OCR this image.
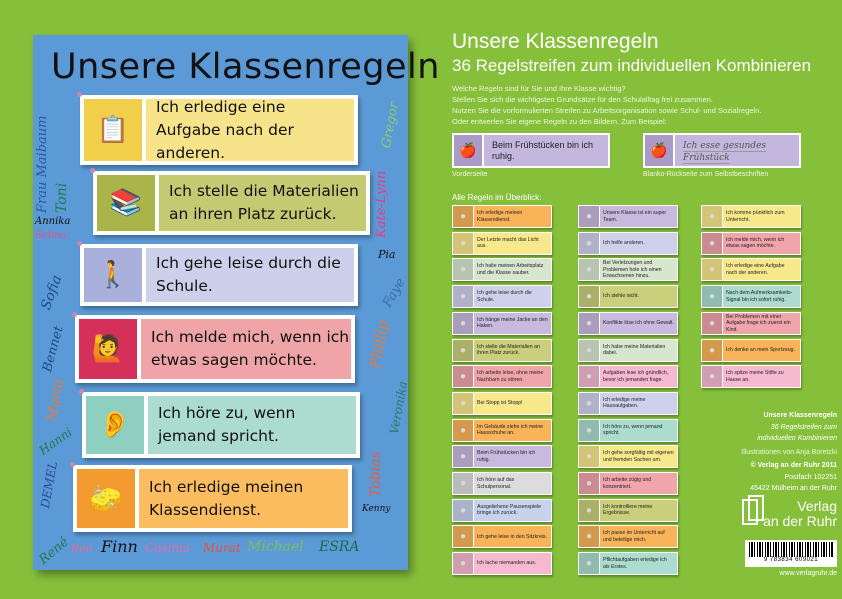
Unsere Klassenregeln
📋
Ich erledige eine Aufgabe nach der anderen.
📚	Ich stelle die Materialien an ihren Platz zurück.
🚶	Ich gehe leise durch die Schule.
🙋	Ich melde mich, wenn ich etwas sagen möchte.
👂	Ich höre zu, wenn jemand spricht.
🧽	Ich erledige meinen Klassendienst.
Frau Maibaum Toni
Annika
Selma
Sofia
Bennet
Mario
Hanni
DEMEL
René Ben Finn Cosima Murat Michael ESRA
Kenny
Tobias
Veronika
Phillip
Faye
Pia
Kate-Lynn
Gregor
Unsere Klassenregeln
36 Regelstreifen zum individuellen Kombinieren
Welche Regeln sind für Sie und Ihre Klasse wichtig?
Stellen Sie sich die wichtigsten Grundsätze für den Schulalltag frei zusammen.
Nutzen Sie die vorformulierten Streifen zu Arbeitsorganisation sowie Schul- und Sozialregeln.
Oder entwerfen Sie eigene Regeln zu den Bildern. Zum Beispiel:
🍎	Beim Frühstücken bin ich ruhig.	🍎	Ich esse gesundes Frühstück
Vorderseite	Blanko-Rückseite zum Selbstbeschriften
Alle Regeln im Überblick:
●	Ich erledige meinen Klassendienst.
●	Der Letzte macht das Licht aus.
●	Ich halte meinen Arbeitsplatz und die Klasse sauber.
●	Ich gehe leise durch die Schule.
●	Ich hänge meine Jacke an den Haken.
●	Ich stelle die Materialien an ihren Platz zurück.
●	Ich arbeite leise, ohne meine Nachbarn zu stören.
●	Bei Stopp ist Stopp!
●	Im Gebäude ziehe ich meine Hausschuhe an.
●	Beim Frühstücken bin ich ruhig.
●	Ich höre auf das Schulpersonal.
●	Ausgeliehene Pausenspiele bringe ich zurück.
●	Ich gehe leise in den Sitzkreis.
●	Ich lache niemanden aus.
●	Unsere Klasse ist ein super Team.
●	Ich helfe anderen.
●
Bei Verletzungen und Problemen hole ich einen Erwachsenen hinzu.
●	Ich stehle nicht.
●	Konflikte löse ich ohne Gewalt.
●	Ich habe meine Materialien dabei.
●	Aufgaben lese ich gründlich, bevor ich jemanden frage.
●	Ich erledige meine Hausaufgaben.
●	Ich höre zu, wenn jemand spricht.
●	Ich gehe sorgfältig mit eigenen und fremden Sachen um.
●	Ich arbeite zügig und konzentriert.
●	Ich kontrolliere meine Ergebnisse.
●	Ich passe im Unterricht auf und beteilige mich.
●	Pflichtaufgaben erledige ich als Erstes.
●	Ich komme pünktlich zum Unterricht.
●	Ich melde mich, wenn ich etwas sagen möchte.
●	Ich erledige eine Aufgabe nach der anderen.
●	Nach dem Aufmerksamkeits-Signal bin ich sofort ruhig.
●
Bei Problemen mit einer Aufgabe frage ich zuerst ein Kind.
●	Ich denke an mein Sportzeug.
●	Ich spitze meine Stifte zu Hause an.
Unsere Klassenregeln
36 Regelstreifen zum
individuellen Kombinieren
Illustrationen von Anja Boretzki
© Verlag an der Ruhr 2011
Postfach 102251
45422 Mülheim an der Ruhr
Verlag
an der Ruhr
9 783834 609021
www.verlagruhr.de
